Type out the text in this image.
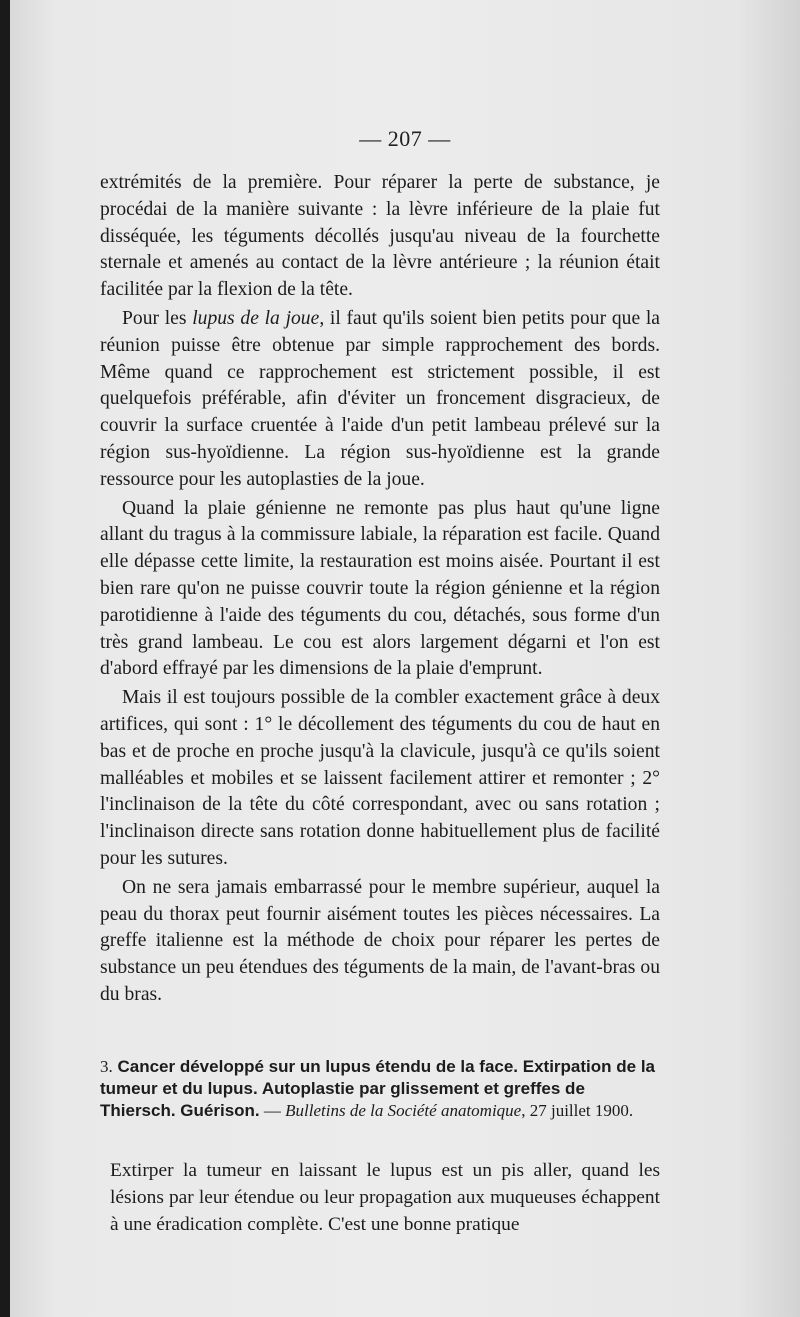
— 207 —

extrémités de la première. Pour réparer la perte de substance, je procédai de la manière suivante : la lèvre inférieure de la plaie fut disséquée, les téguments décollés jusqu'au niveau de la fourchette sternale et amenés au contact de la lèvre antérieure ; la réunion était facilitée par la flexion de la tête.

Pour les lupus de la joue, il faut qu'ils soient bien petits pour que la réunion puisse être obtenue par simple rapprochement des bords. Même quand ce rapprochement est strictement possible, il est quelquefois préférable, afin d'éviter un froncement disgracieux, de couvrir la surface cruentée à l'aide d'un petit lambeau prélevé sur la région sus-hyoïdienne. La région sus-hyoïdienne est la grande ressource pour les autoplasties de la joue.

Quand la plaie génienne ne remonte pas plus haut qu'une ligne allant du tragus à la commissure labiale, la réparation est facile. Quand elle dépasse cette limite, la restauration est moins aisée. Pourtant il est bien rare qu'on ne puisse couvrir toute la région génienne et la région parotidienne à l'aide des téguments du cou, détachés, sous forme d'un très grand lambeau. Le cou est alors largement dégarni et l'on est d'abord effrayé par les dimensions de la plaie d'emprunt.

Mais il est toujours possible de la combler exactement grâce à deux artifices, qui sont : 1° le décollement des téguments du cou de haut en bas et de proche en proche jusqu'à la clavicule, jusqu'à ce qu'ils soient malléables et mobiles et se laissent facilement attirer et remonter ; 2° l'inclinaison de la tête du côté correspondant, avec ou sans rotation ; l'inclinaison directe sans rotation donne habituellement plus de facilité pour les sutures.

On ne sera jamais embarrassé pour le membre supérieur, auquel la peau du thorax peut fournir aisément toutes les pièces nécessaires. La greffe italienne est la méthode de choix pour réparer les pertes de substance un peu étendues des téguments de la main, de l'avant-bras ou du bras.

3. Cancer développé sur un lupus étendu de la face. Extirpation de la tumeur et du lupus. Autoplastie par glissement et greffes de Thiersch. Guérison. — Bulletins de la Société anatomique, 27 juillet 1900.

Extirper la tumeur en laissant le lupus est un pis aller, quand les lésions par leur étendue ou leur propagation aux muqueuses échappent à une éradication complète. C'est une bonne pratique
